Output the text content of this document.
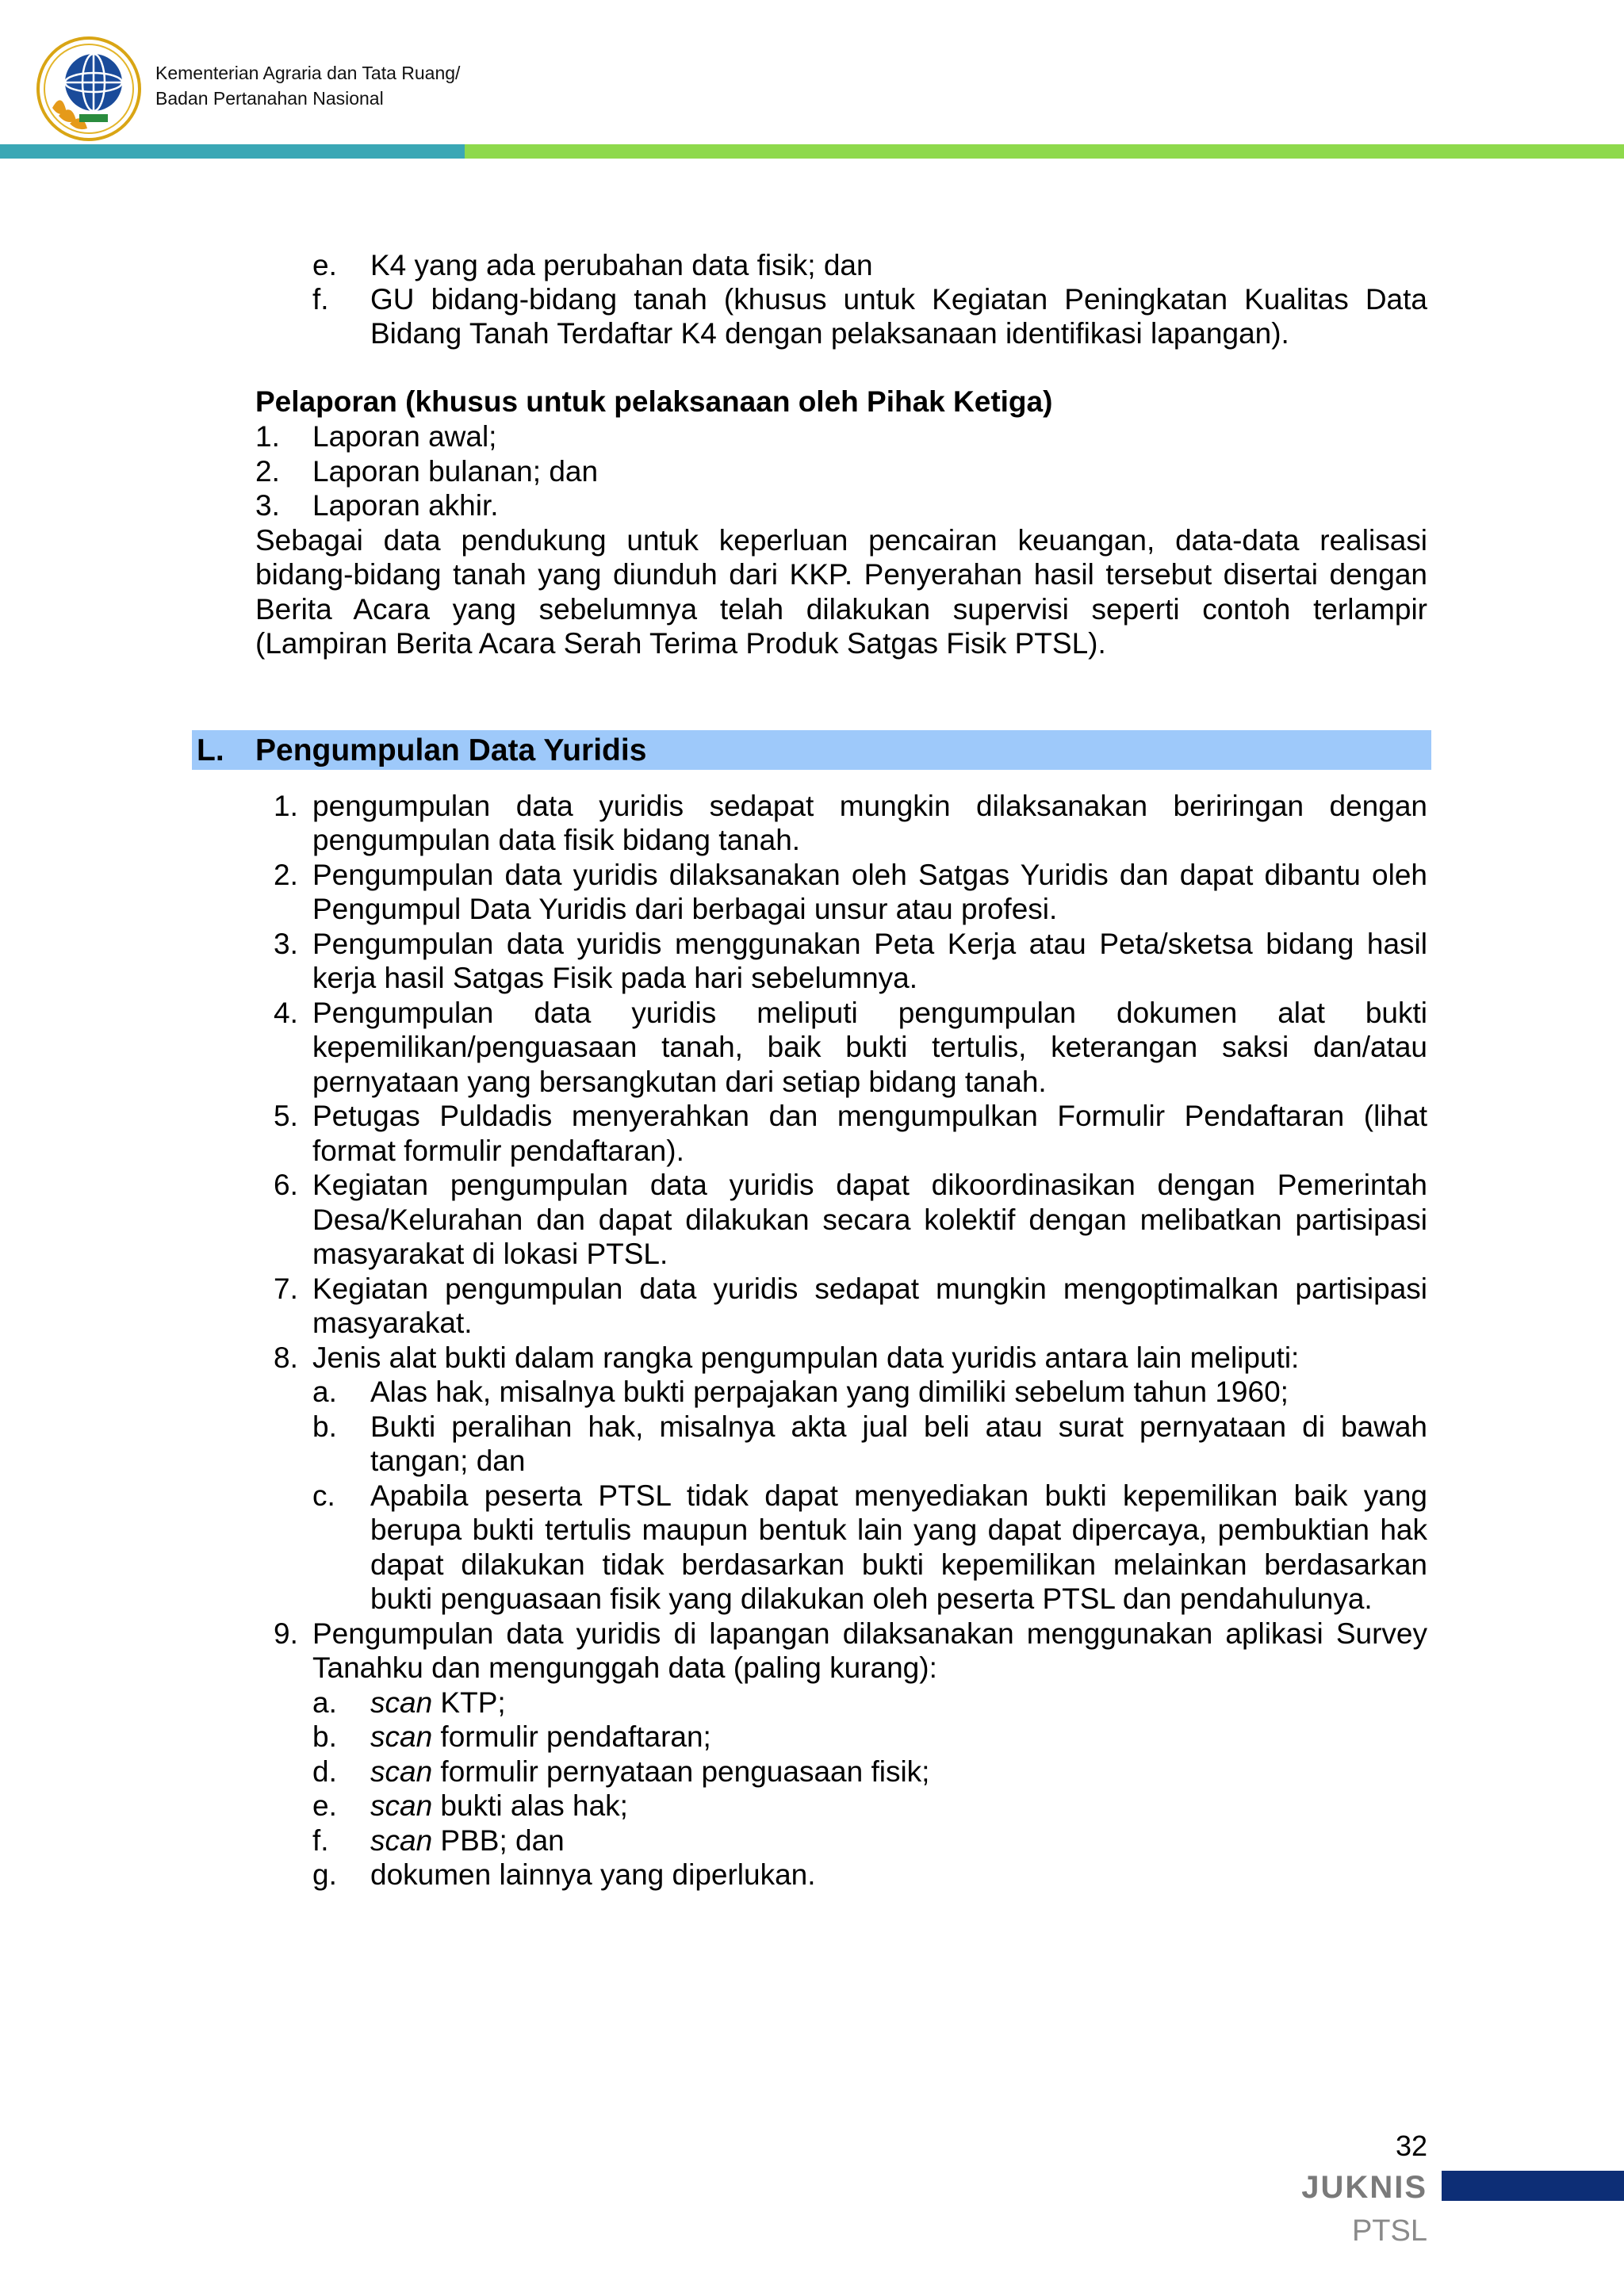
Kementerian Agraria dan Tata Ruang/
Badan Pertanahan Nasional
e. K4 yang ada perubahan data fisik; dan
f. GU bidang-bidang tanah (khusus untuk Kegiatan Peningkatan Kualitas Data
Bidang Tanah Terdaftar K4 dengan pelaksanaan identifikasi lapangan).
Pelaporan (khusus untuk pelaksanaan oleh Pihak Ketiga)
1. Laporan awal;
2. Laporan bulanan; dan
3. Laporan akhir.
Sebagai data pendukung untuk keperluan pencairan keuangan, data-data realisasi
bidang-bidang tanah yang diunduh dari KKP. Penyerahan hasil tersebut disertai dengan
Berita Acara yang sebelumnya telah dilakukan supervisi seperti contoh terlampir
(Lampiran Berita Acara Serah Terima Produk Satgas Fisik PTSL).
L. Pengumpulan Data Yuridis
1. pengumpulan data yuridis sedapat mungkin dilaksanakan beriringan dengan
pengumpulan data fisik bidang tanah.
2. Pengumpulan data yuridis dilaksanakan oleh Satgas Yuridis dan dapat dibantu oleh
Pengumpul Data Yuridis dari berbagai unsur atau profesi.
3. Pengumpulan data yuridis menggunakan Peta Kerja atau Peta/sketsa bidang hasil
kerja hasil Satgas Fisik pada hari sebelumnya.
4. Pengumpulan data yuridis meliputi pengumpulan dokumen alat bukti
kepemilikan/penguasaan tanah, baik bukti tertulis, keterangan saksi dan/atau
pernyataan yang bersangkutan dari setiap bidang tanah.
5. Petugas Puldadis menyerahkan dan mengumpulkan Formulir Pendaftaran (lihat
format formulir pendaftaran).
6. Kegiatan pengumpulan data yuridis dapat dikoordinasikan dengan Pemerintah
Desa/Kelurahan dan dapat dilakukan secara kolektif dengan melibatkan partisipasi
masyarakat di lokasi PTSL.
7. Kegiatan pengumpulan data yuridis sedapat mungkin mengoptimalkan partisipasi
masyarakat.
8. Jenis alat bukti dalam rangka pengumpulan data yuridis antara lain meliputi:
a. Alas hak, misalnya bukti perpajakan yang dimiliki sebelum tahun 1960;
b. Bukti peralihan hak, misalnya akta jual beli atau surat pernyataan di bawah
tangan; dan
c. Apabila peserta PTSL tidak dapat menyediakan bukti kepemilikan baik yang
berupa bukti tertulis maupun bentuk lain yang dapat dipercaya, pembuktian hak
dapat dilakukan tidak berdasarkan bukti kepemilikan melainkan berdasarkan
bukti penguasaan fisik yang dilakukan oleh peserta PTSL dan pendahulunya.
9. Pengumpulan data yuridis di lapangan dilaksanakan menggunakan aplikasi Survey
Tanahku dan mengunggah data (paling kurang):
a. scan KTP;
b. scan formulir pendaftaran;
d. scan formulir pernyataan penguasaan fisik;
e. scan bukti alas hak;
f. scan PBB; dan
g. dokumen lainnya yang diperlukan.
32
JUKNIS
PTSL
